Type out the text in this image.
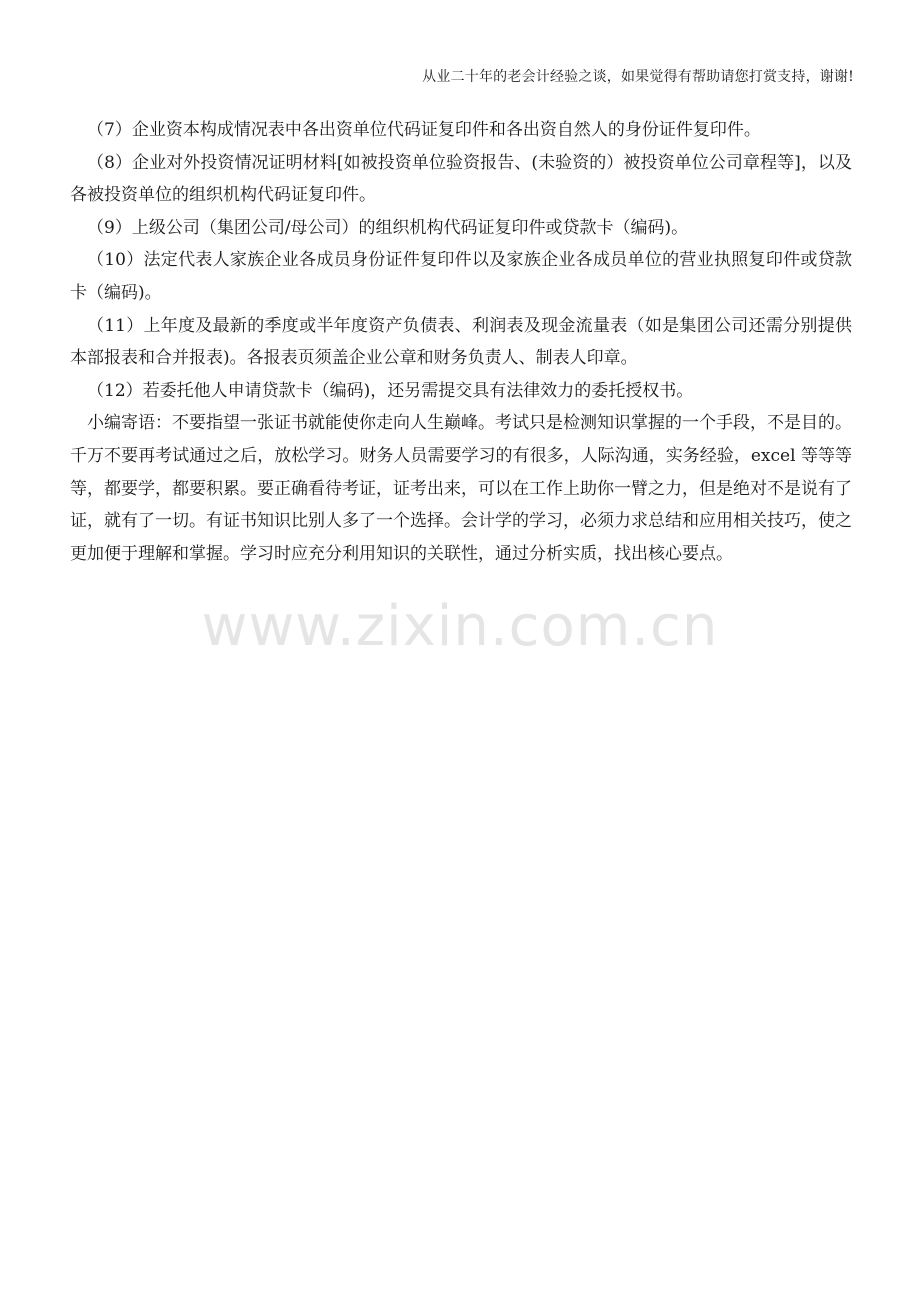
从业二十年的老会计经验之谈，如果觉得有帮助请您打赏支持，谢谢!

（7）企业资本构成情况表中各出资单位代码证复印件和各出资自然人的身份证件复印件。

（8）企业对外投资情况证明材料[如被投资单位验资报告、(未验资的）被投资单位公司章程等]，以及各被投资单位的组织机构代码证复印件。

（9）上级公司（集团公司/母公司）的组织机构代码证复印件或贷款卡（编码)。

（10）法定代表人家族企业各成员身份证件复印件以及家族企业各成员单位的营业执照复印件或贷款卡（编码)。

（11）上年度及最新的季度或半年度资产负债表、利润表及现金流量表（如是集团公司还需分别提供本部报表和合并报表)。各报表页须盖企业公章和财务负责人、制表人印章。

（12）若委托他人申请贷款卡（编码)，还另需提交具有法律效力的委托授权书。

小编寄语：不要指望一张证书就能使你走向人生巅峰。考试只是检测知识掌握的一个手段，不是目的。千万不要再考试通过之后，放松学习。财务人员需要学习的有很多，人际沟通，实务经验，excel 等等等等，都要学，都要积累。要正确看待考证，证考出来，可以在工作上助你一臂之力，但是绝对不是说有了证，就有了一切。有证书知识比别人多了一个选择。会计学的学习，必须力求总结和应用相关技巧，使之更加便于理解和掌握。学习时应充分利用知识的关联性，通过分析实质，找出核心要点。

www.zixin.com.cn
